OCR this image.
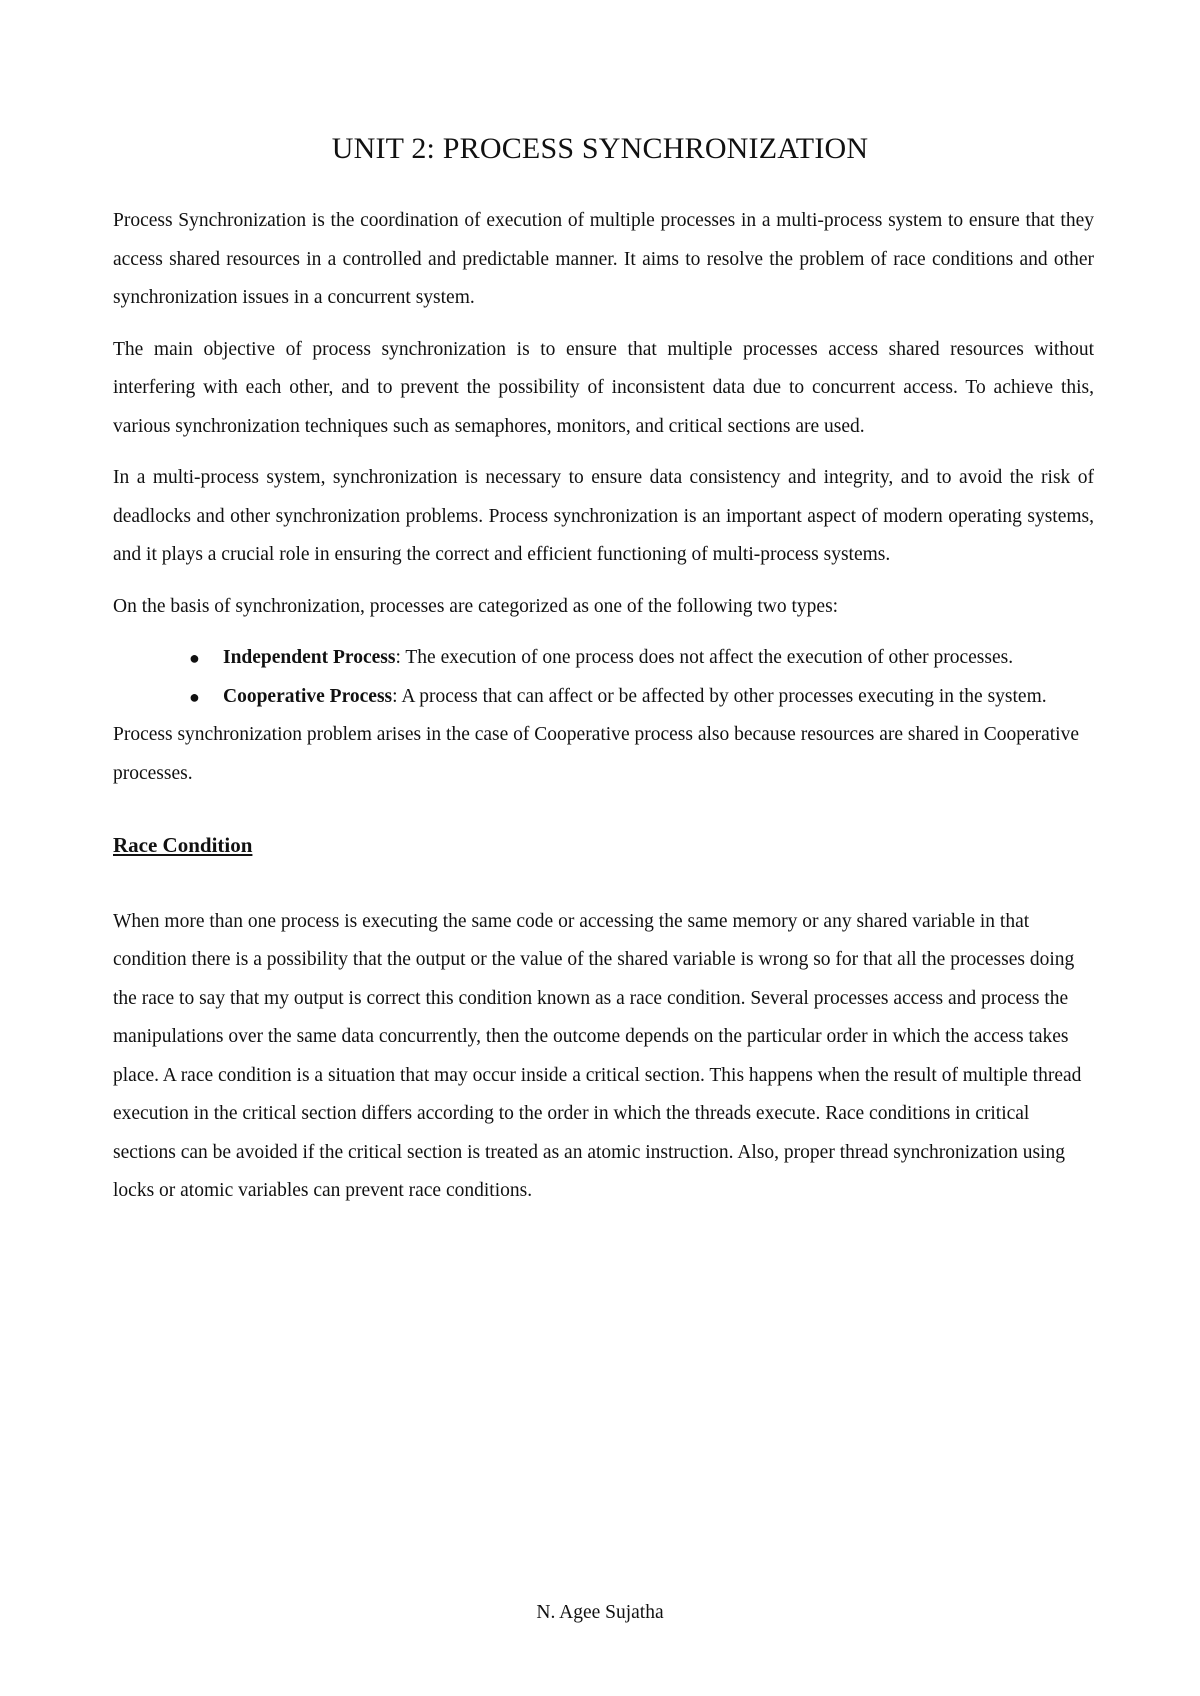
UNIT 2: PROCESS SYNCHRONIZATION

Process Synchronization is the coordination of execution of multiple processes in a multi-process system to ensure that they access shared resources in a controlled and predictable manner. It aims to resolve the problem of race conditions and other synchronization issues in a concurrent system.

The main objective of process synchronization is to ensure that multiple processes access shared resources without interfering with each other, and to prevent the possibility of inconsistent data due to concurrent access. To achieve this, various synchronization techniques such as semaphores, monitors, and critical sections are used.

In a multi-process system, synchronization is necessary to ensure data consistency and integrity, and to avoid the risk of deadlocks and other synchronization problems. Process synchronization is an important aspect of modern operating systems, and it plays a crucial role in ensuring the correct and efficient functioning of multi-process systems.

On the basis of synchronization, processes are categorized as one of the following two types:

● Independent Process: The execution of one process does not affect the execution of other processes.
● Cooperative Process: A process that can affect or be affected by other processes executing in the system.

Process synchronization problem arises in the case of Cooperative process also because resources are shared in Cooperative processes.

Race Condition

When more than one process is executing the same code or accessing the same memory or any shared variable in that condition there is a possibility that the output or the value of the shared variable is wrong so for that all the processes doing the race to say that my output is correct this condition known as a race condition. Several processes access and process the manipulations over the same data concurrently, then the outcome depends on the particular order in which the access takes place. A race condition is a situation that may occur inside a critical section. This happens when the result of multiple thread execution in the critical section differs according to the order in which the threads execute. Race conditions in critical sections can be avoided if the critical section is treated as an atomic instruction. Also, proper thread synchronization using locks or atomic variables can prevent race conditions.

N. Agee Sujatha
